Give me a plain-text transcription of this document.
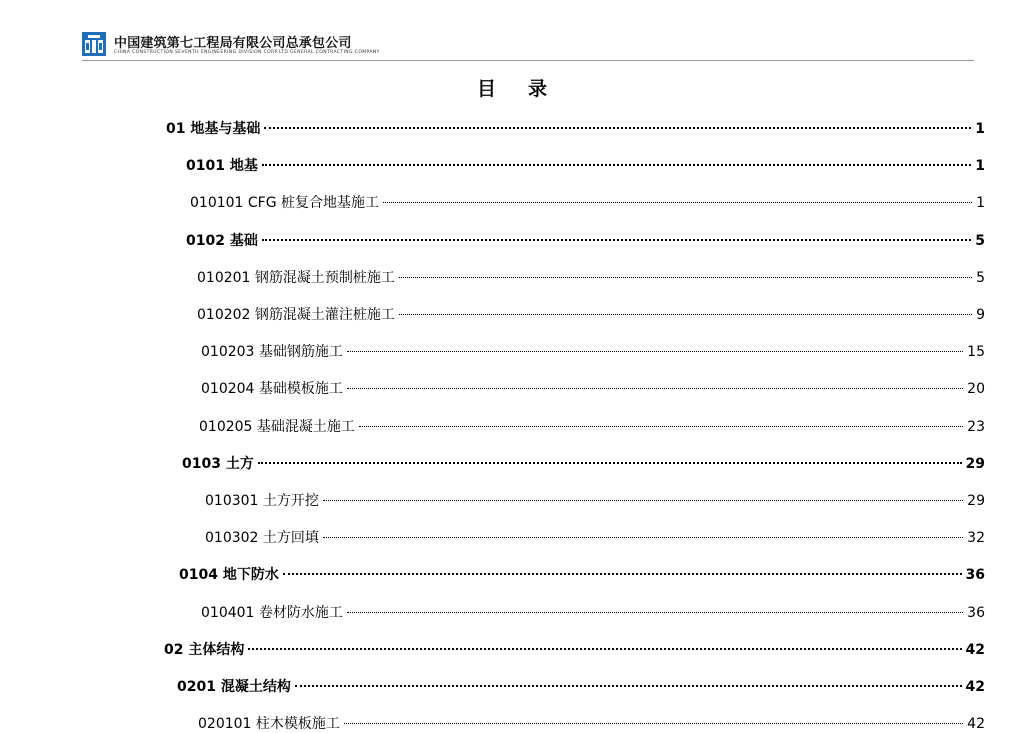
中国建筑第七工程局有限公司总承包公司
CHINA CONSTRUCTION SEVENTH ENGINEERING DIVISION CORP.LTD.GENERAL CONTRACTING COMPANY
目录
01 地基与基础	1
0101 地基	1
010101 CFG 桩复合地基施工	1
0102 基础	5
010201 钢筋混凝土预制桩施工	5
010202 钢筋混凝土灌注桩施工	9
010203 基础钢筋施工	15
010204 基础模板施工	20
010205 基础混凝土施工	23
0103 土方	29
010301 土方开挖	29
010302 土方回填	32
0104 地下防水	36
010401 卷材防水施工	36
02 主体结构	42
0201 混凝土结构	42
020101 柱木模板施工	42
